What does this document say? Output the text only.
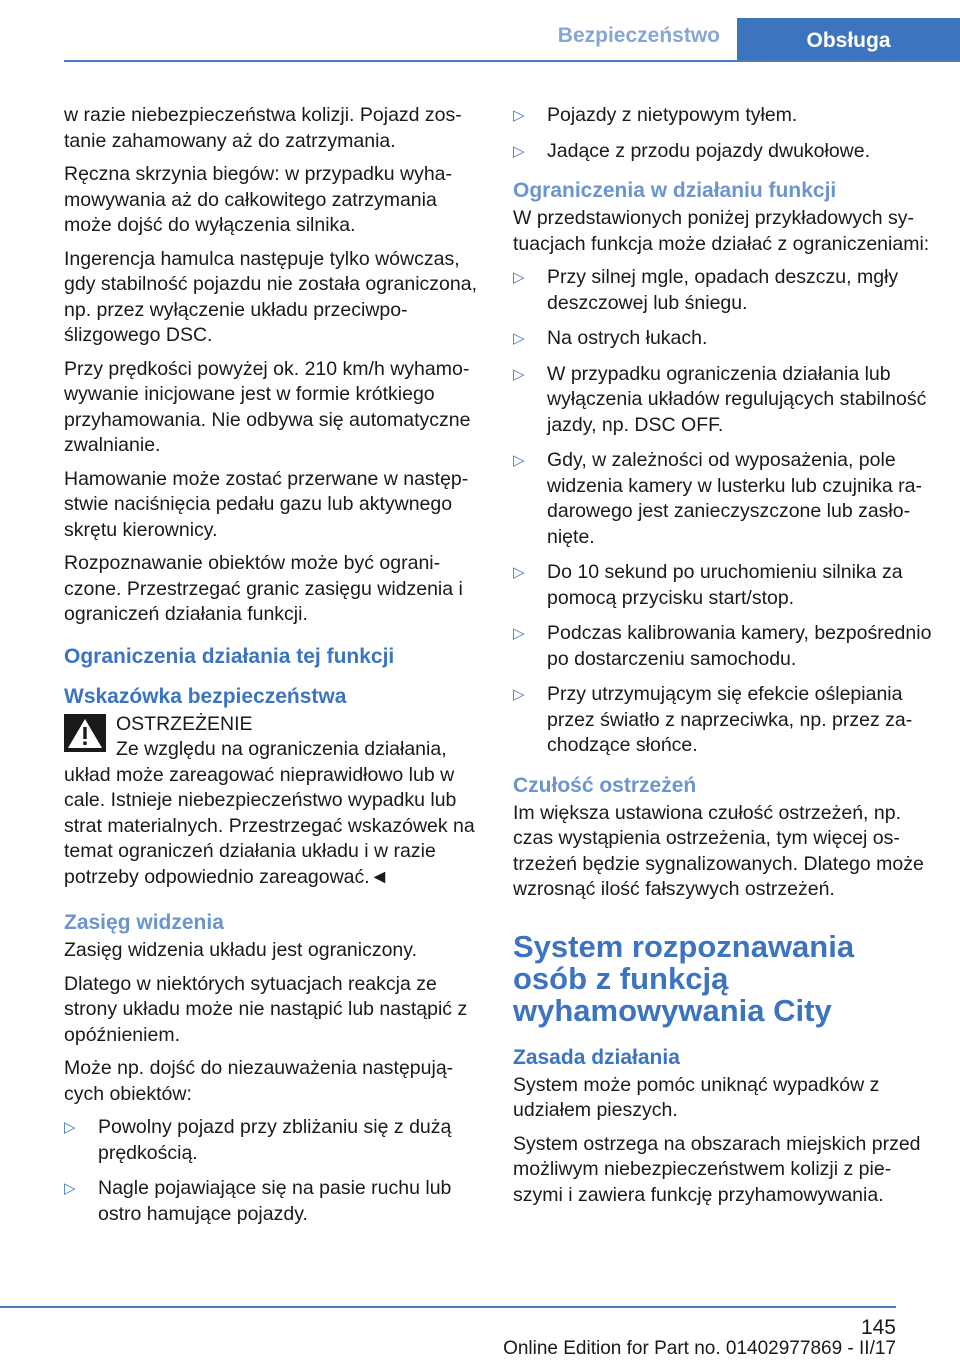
Bezpieczeństwo	Obsługa

w razie niebezpieczeństwa kolizji. Pojazd zostanie zahamowany aż do zatrzymania.

Ręczna skrzynia biegów: w przypadku wyhamowywania aż do całkowitego zatrzymania może dojść do wyłączenia silnika.

Ingerencja hamulca następuje tylko wówczas, gdy stabilność pojazdu nie została ograniczona, np. przez wyłączenie układu przeciwpoślizgowego DSC.

Przy prędkości powyżej ok. 210 km/h wyhamowywanie inicjowane jest w formie krótkiego przyhamowania. Nie odbywa się automatyczne zwalnianie.

Hamowanie może zostać przerwane w następstwie naciśnięcia pedału gazu lub aktywnego skrętu kierownicy.

Rozpoznawanie obiektów może być ograniczone. Przestrzegać granic zasięgu widzenia i ograniczeń działania funkcji.

Ograniczenia działania tej funkcji
Wskazówka bezpieczeństwa
OSTRZEŻENIE
Ze względu na ograniczenia działania, układ może zareagować nieprawidłowo lub w cale. Istnieje niebezpieczeństwo wypadku lub strat materialnych. Przestrzegać wskazówek na temat ograniczeń działania układu i w razie potrzeby odpowiednio zareagować.◄
Zasięg widzenia

Zasięg widzenia układu jest ograniczony.

Dlatego w niektórych sytuacjach reakcja ze strony układu może nie nastąpić lub nastąpić z opóźnieniem.

Może np. dojść do niezauważenia następujących obiektów:

▷ Powolny pojazd przy zbliżaniu się z dużą prędkością.
▷ Nagle pojawiające się na pasie ruchu lub ostro hamujące pojazdy.
▷ Pojazdy z nietypowym tyłem.
▷ Jadące z przodu pojazdy dwukołowe.
Ograniczenia w działaniu funkcji

W przedstawionych poniżej przykładowych sytuacjach funkcja może działać z ograniczeniami:

▷ Przy silnej mgle, opadach deszczu, mgły deszczowej lub śniegu.
▷ Na ostrych łukach.
▷ W przypadku ograniczenia działania lub wyłączenia układów regulujących stabilność jazdy, np. DSC OFF.
▷ Gdy, w zależności od wyposażenia, pole widzenia kamery w lusterku lub czujnika radarowego jest zanieczyszczone lub zasłonięte.
▷ Do 10 sekund po uruchomieniu silnika za pomocą przycisku start/stop.
▷ Podczas kalibrowania kamery, bezpośrednio po dostarczeniu samochodu.
▷ Przy utrzymującym się efekcie oślepiania przez światło z naprzeciwka, np. przez zachodzące słońce.
Czułość ostrzeżeń

Im większa ustawiona czułość ostrzeżeń, np. czas wystąpienia ostrzeżenia, tym więcej ostrzeżeń będzie sygnalizowanych. Dlatego może wzrosnąć ilość fałszywych ostrzeżeń.

System rozpoznawania osób z funkcją wyhamowywania City
Zasada działania

System może pomóc uniknąć wypadków z udziałem pieszych.

System ostrzega na obszarach miejskich przed możliwym niebezpieczeństwem kolizji z pieszymi i zawiera funkcję przyhamowywania.

145
Online Edition for Part no. 01402977869 - II/17
